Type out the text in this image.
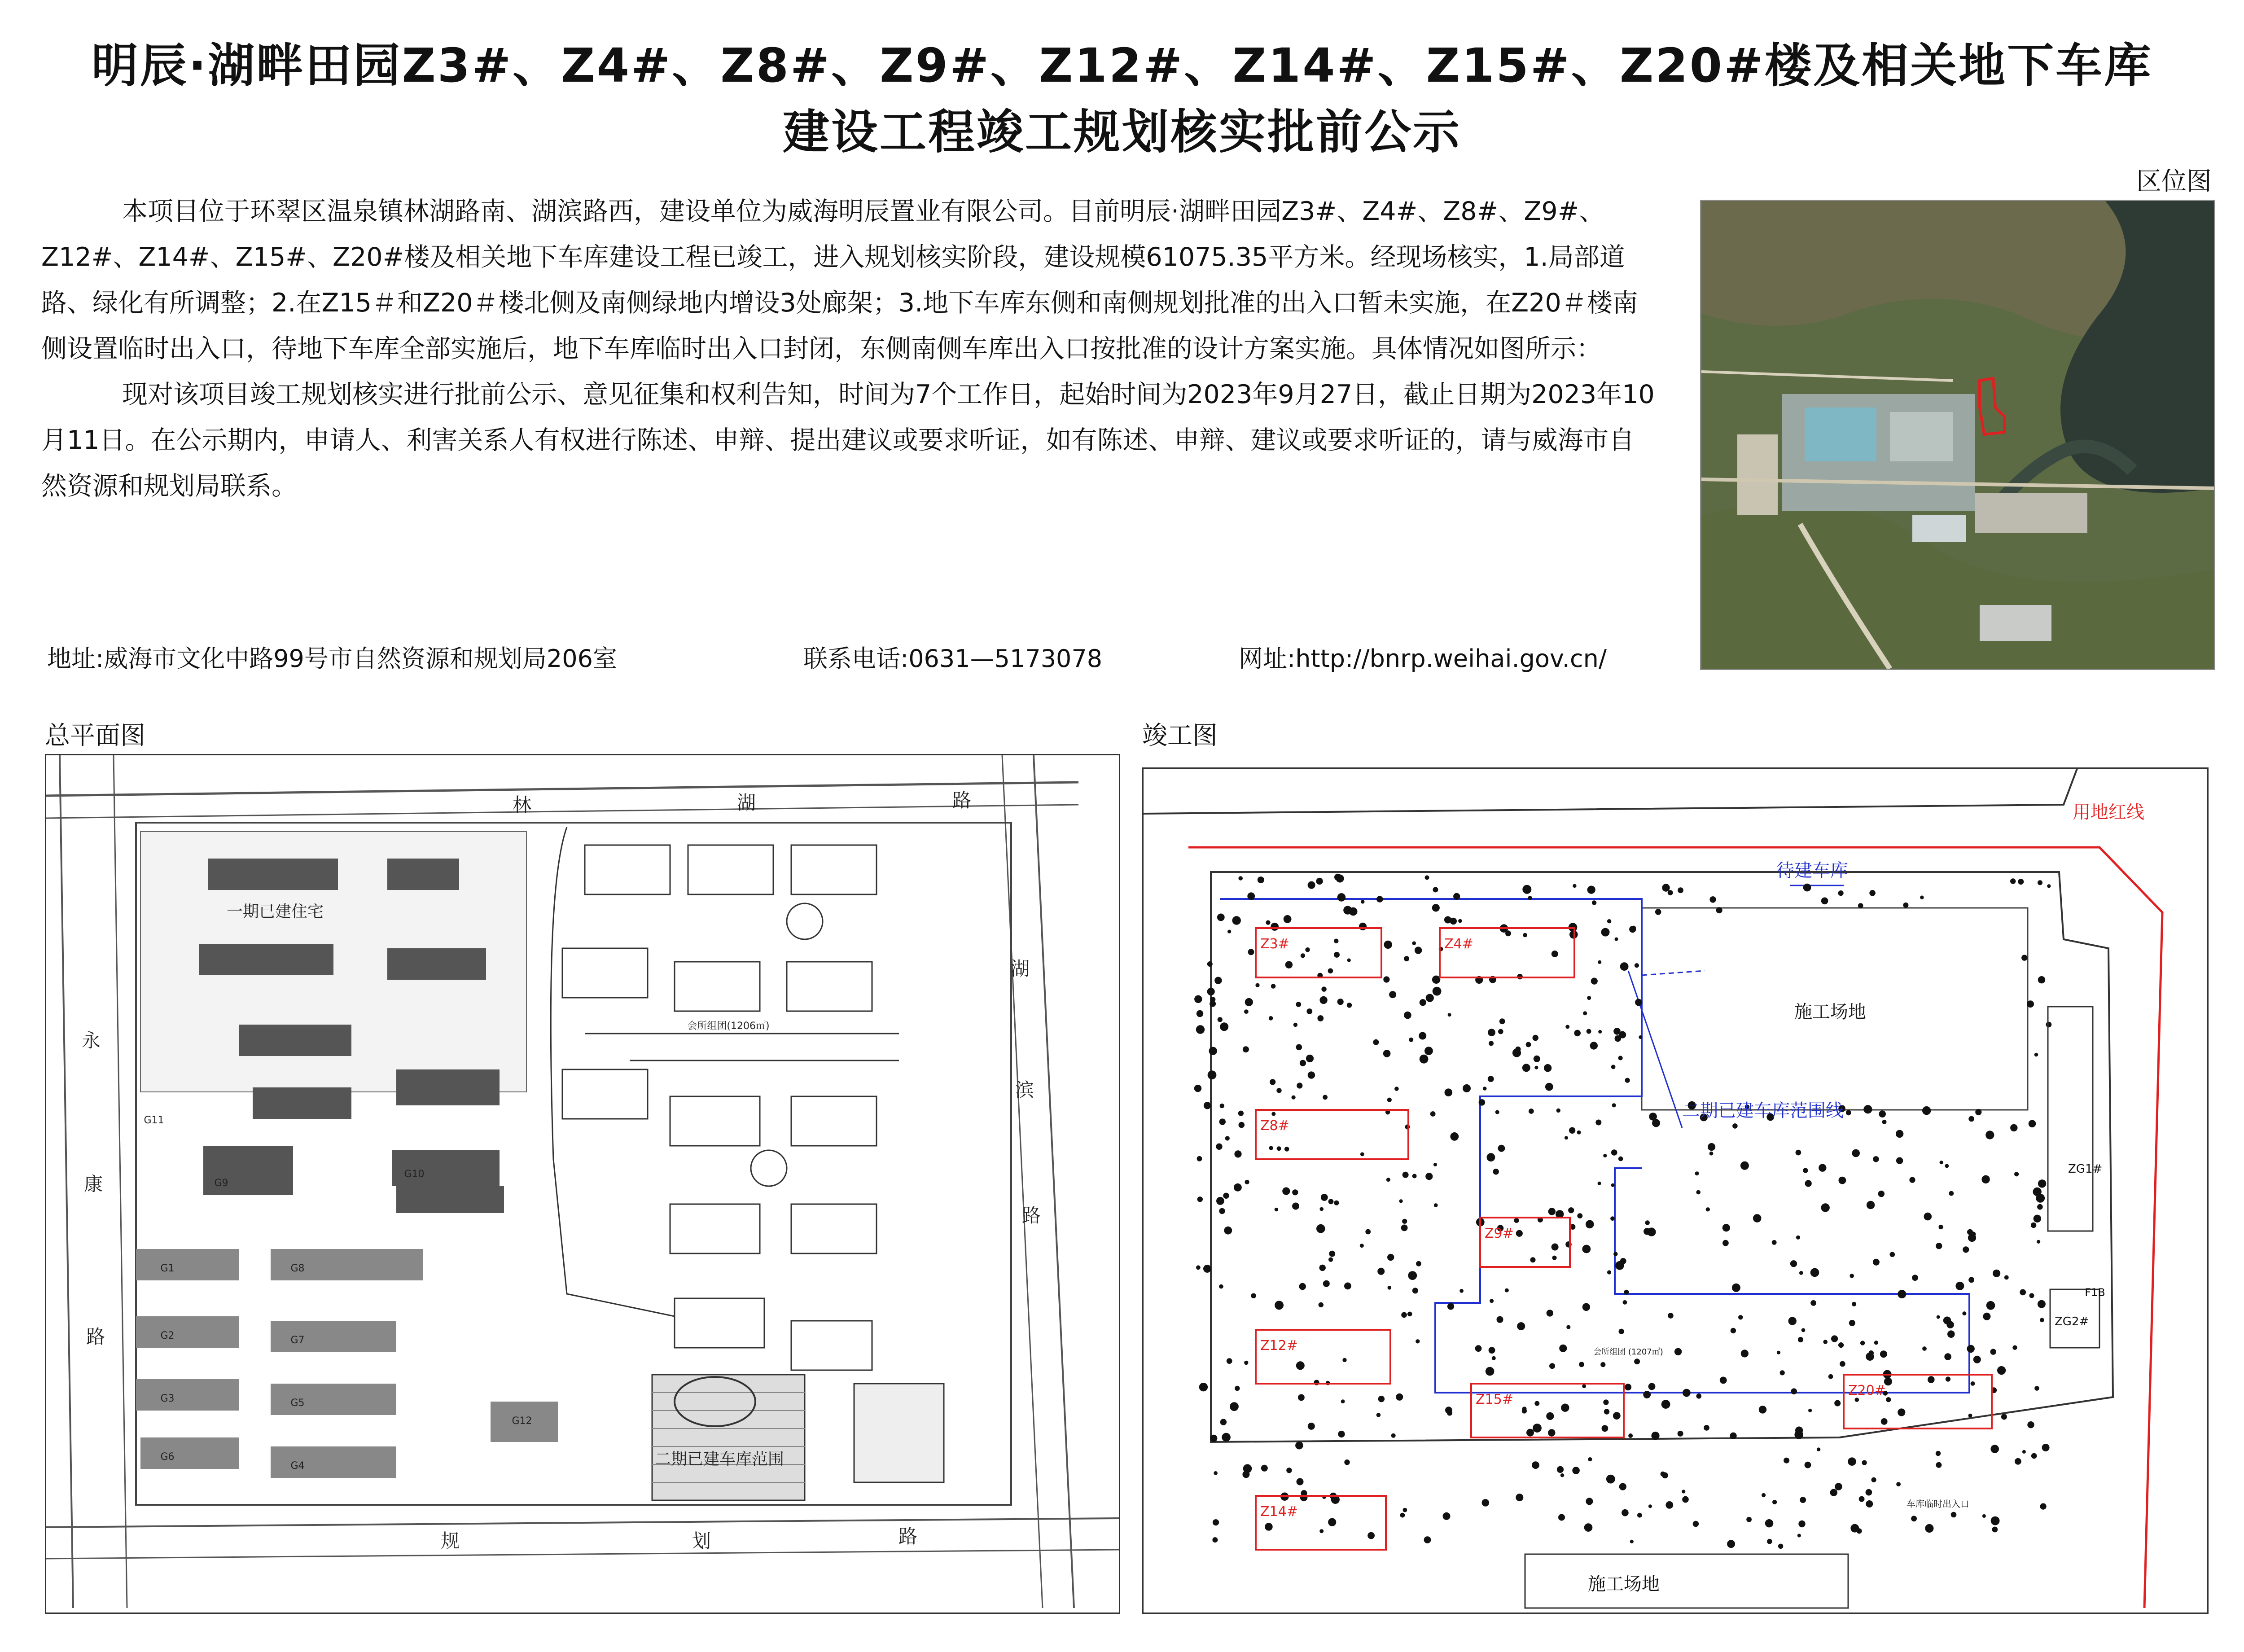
明辰·湖畔田园Z3#、Z4#、Z8#、Z9#、Z12#、Z14#、Z15#、Z20#楼及相关地下车库
建设工程竣工规划核实批前公示

本项目位于环翠区温泉镇林湖路南、湖滨路西，建设单位为威海明辰置业有限公司。目前明辰·湖畔田园Z3#、Z4#、Z8#、Z9#、Z12#、Z14#、Z15#、Z20#楼及相关地下车库建设工程已竣工，进入规划核实阶段，建设规模61075.35平方米。经现场核实，1.局部道路、绿化有所调整；2.在Z15＃和Z20＃楼北侧及南侧绿地内增设3处廊架；3.地下车库东侧和南侧规划批准的出入口暂未实施，在Z20＃楼南侧设置临时出入口，待地下车库全部实施后，地下车库临时出入口封闭，东侧南侧车库出入口按批准的设计方案实施。具体情况如图所示：

现对该项目竣工规划核实进行批前公示、意见征集和权利告知，时间为7个工作日，起始时间为2023年9月27日，截止日期为2023年10月11日。在公示期内，申请人、利害关系人有权进行陈述、申辩、提出建议或要求听证，如有陈述、申辩、建议或要求听证的，请与威海市自然资源和规划局联系。

地址:威海市文化中路99号市自然资源和规划局206室	联系电话:0631—5173078	网址:http://bnrp.weihai.gov.cn/
区位图
总平面图	竣工图
一期已建住宅
二期已建车库范围
会所组团(1206㎡)
林	湖	路
湖
滨
路
永
康
路
规	划	路
G1
G2
G3
G4
G5
G6
G7
G8
G9
G10
G11
G12
用地红线
待建车库
二期已建车库范围线
施工场地
施工场地
会所组团 (1207㎡)
车库临时出入口
F1B
Z3#	Z4#
Z8#
Z9#
Z12#
Z14#
Z15#
Z20#
ZG1#
ZG2#
